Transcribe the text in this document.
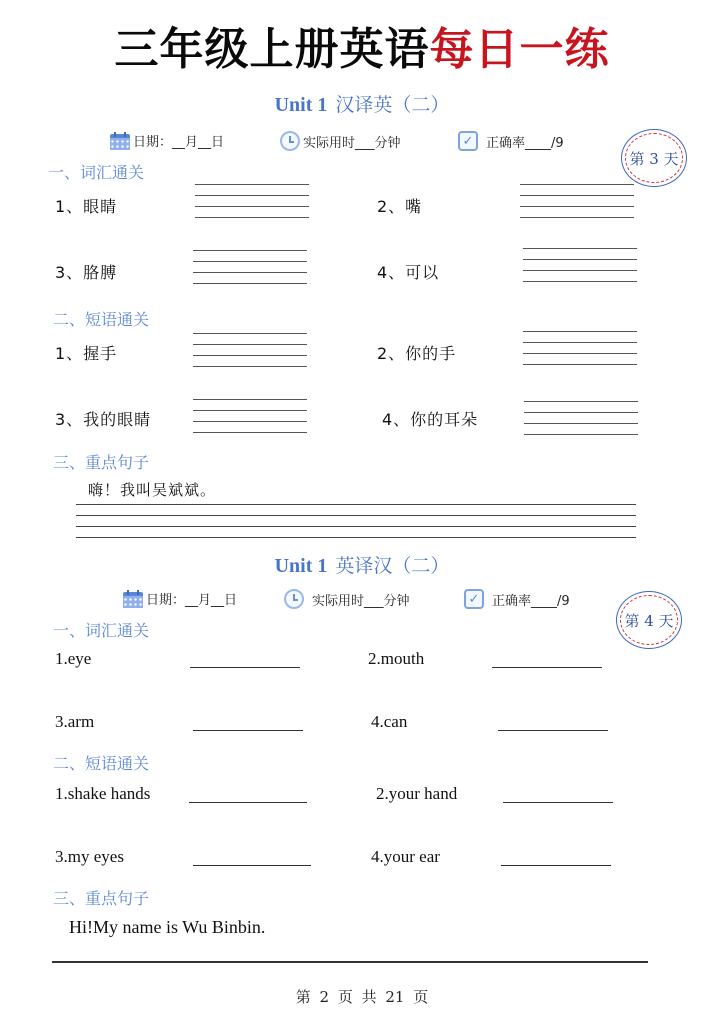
三年级上册英语每日一练
Unit 1 汉译英（二）
日期：__月__日	实际用时___分钟	✓ 正确率____/9
第 3 天
一、词汇通关
1、眼睛	2、嘴
3、胳膊	4、可以
二、短语通关
1、握手	2、你的手
3、我的眼睛	4、你的耳朵
三、重点句子
嗨！我叫吴斌斌。
Unit 1 英译汉（二）
日期：__月__日	实际用时___分钟	✓ 正确率____/9
第 4 天
一、词汇通关
1.eye	2.mouth
3.arm	4.can
二、短语通关
1.shake hands	2.your hand
3.my eyes	4.your ear
三、重点句子
Hi!My name is Wu Binbin.
第 2 页 共 21 页
